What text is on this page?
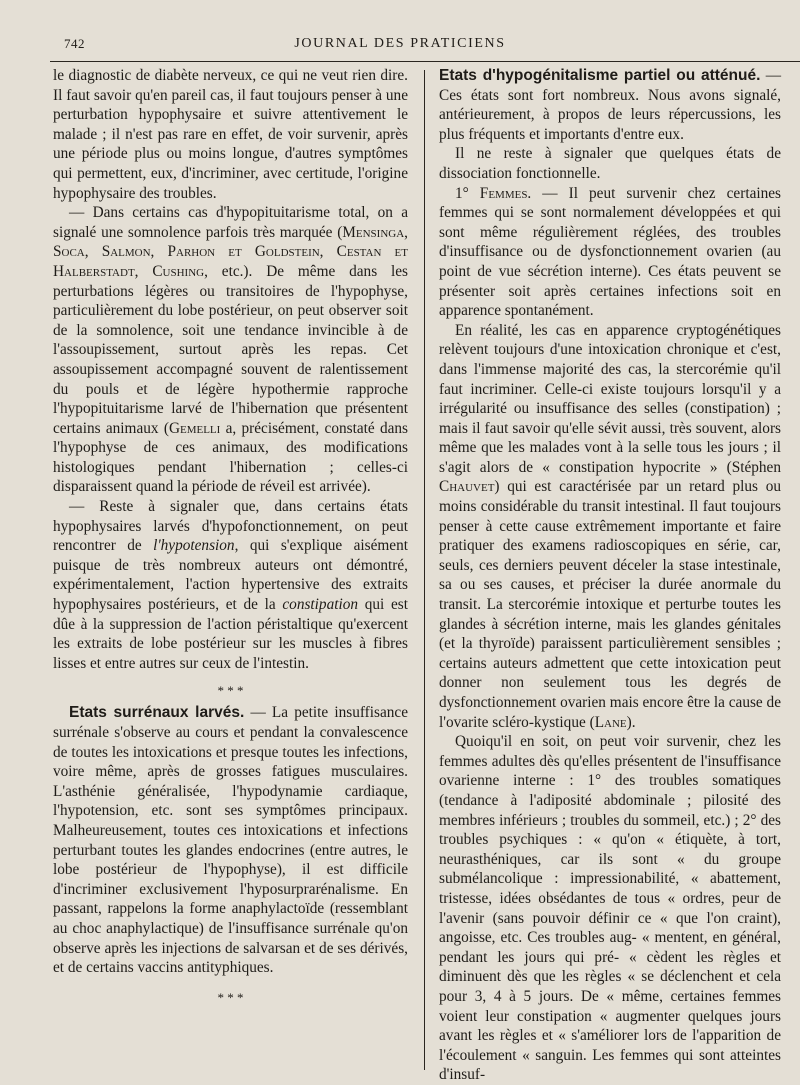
742	JOURNAL DES PRATICIENS

le diagnostic de diabète nerveux, ce qui ne veut rien dire. Il faut savoir qu'en pareil cas, il faut toujours penser à une perturbation hypophysaire et suivre attentivement le malade ; il n'est pas rare en effet, de voir survenir, après une période plus ou moins longue, d'autres symptômes qui permettent, eux, d'incriminer, avec certitude, l'origine hypophysaire des troubles.

— Dans certains cas d'hypopituitarisme total, on a signalé une somnolence parfois très marquée (Mensinga, Soca, Salmon, Parhon et Goldstein, Cestan et Halberstadt, Cushing, etc.). De même dans les perturbations légères ou transitoires de l'hypophyse, particulièrement du lobe postérieur, on peut observer soit de la somnolence, soit une tendance invincible à de l'assoupissement, surtout après les repas. Cet assoupissement accompagné souvent de ralentissement du pouls et de légère hypothermie rapproche l'hypopituitarisme larvé de l'hibernation que présentent certains animaux (Gemelli a, précisément, constaté dans l'hypophyse de ces animaux, des modifications histologiques pendant l'hibernation ; celles-ci disparaissent quand la période de réveil est arrivée).

— Reste à signaler que, dans certains états hypophysaires larvés d'hypofonctionnement, on peut rencontrer de l'hypotension, qui s'explique aisément puisque de très nombreux auteurs ont démontré, expérimentalement, l'action hypertensive des extraits hypophysaires postérieurs, et de la constipation qui est dûe à la suppression de l'action péristaltique qu'exercent les extraits de lobe postérieur sur les muscles à fibres lisses et entre autres sur ceux de l'intestin.

* * *

Etats surrénaux larvés. — La petite insuffisance surrénale s'observe au cours et pendant la convalescence de toutes les intoxications et presque toutes les infections, voire même, après de grosses fatigues musculaires. L'asthénie généralisée, l'hypodynamie cardiaque, l'hypotension, etc. sont ses symptômes principaux. Malheureusement, toutes ces intoxications et infections perturbant toutes les glandes endocrines (entre autres, le lobe postérieur de l'hypophyse), il est difficile d'incriminer exclusivement l'hyposurprarénalisme. En passant, rappelons la forme anaphylactoïde (ressemblant au choc anaphylactique) de l'insuffisance surrénale qu'on observe après les injections de salvarsan et de ses dérivés, et de certains vaccins antityphiques.

* * *

Etats d'hypogénitalisme partiel ou atténué. — Ces états sont fort nombreux. Nous avons signalé, antérieurement, à propos de leurs répercussions, les plus fréquents et importants d'entre eux.

Il ne reste à signaler que quelques états de dissociation fonctionnelle.

1° Femmes. — Il peut survenir chez certaines femmes qui se sont normalement développées et qui sont même régulièrement réglées, des troubles d'insuffisance ou de dysfonctionnement ovarien (au point de vue sécrétion interne). Ces états peuvent se présenter soit après certaines infections soit en apparence spontanément.

En réalité, les cas en apparence cryptogénétiques relèvent toujours d'une intoxication chronique et c'est, dans l'immense majorité des cas, la stercorémie qu'il faut incriminer. Celle-ci existe toujours lorsqu'il y a irrégularité ou insuffisance des selles (constipation) ; mais il faut savoir qu'elle sévit aussi, très souvent, alors même que les malades vont à la selle tous les jours ; il s'agit alors de « constipation hypocrite » (Stéphen Chauvet) qui est caractérisée par un retard plus ou moins considérable du transit intestinal. Il faut toujours penser à cette cause extrêmement importante et faire pratiquer des examens radioscopiques en série, car, seuls, ces derniers peuvent déceler la stase intestinale, sa ou ses causes, et préciser la durée anormale du transit. La stercorémie intoxique et perturbe toutes les glandes à sécrétion interne, mais les glandes génitales (et la thyroïde) paraissent particulièrement sensibles ; certains auteurs admettent que cette intoxication peut donner non seulement tous les degrés de dysfonctionnement ovarien mais encore être la cause de l'ovarite scléro-kystique (Lane).

Quoiqu'il en soit, on peut voir survenir, chez les femmes adultes dès qu'elles présentent de l'insuffisance ovarienne interne : 1° des troubles somatiques (tendance à l'adiposité abdominale ; pilosité des membres inférieurs ; troubles du sommeil, etc.) ; 2° des troubles psychiques : « qu'on « étiquète, à tort, neurasthéniques, car ils sont « du groupe submélancolique : impressionabilité, « abattement, tristesse, idées obsédantes de tous « ordres, peur de l'avenir (sans pouvoir définir ce « que l'on craint), angoisse, etc. Ces troubles aug- « mentent, en général, pendant les jours qui pré- « cèdent les règles et diminuent dès que les règles « se déclenchent et cela pour 3, 4 à 5 jours. De « même, certaines femmes voient leur constipation « augmenter quelques jours avant les règles et « s'améliorer lors de l'apparition de l'écoulement « sanguin. Les femmes qui sont atteintes d'insuf-
